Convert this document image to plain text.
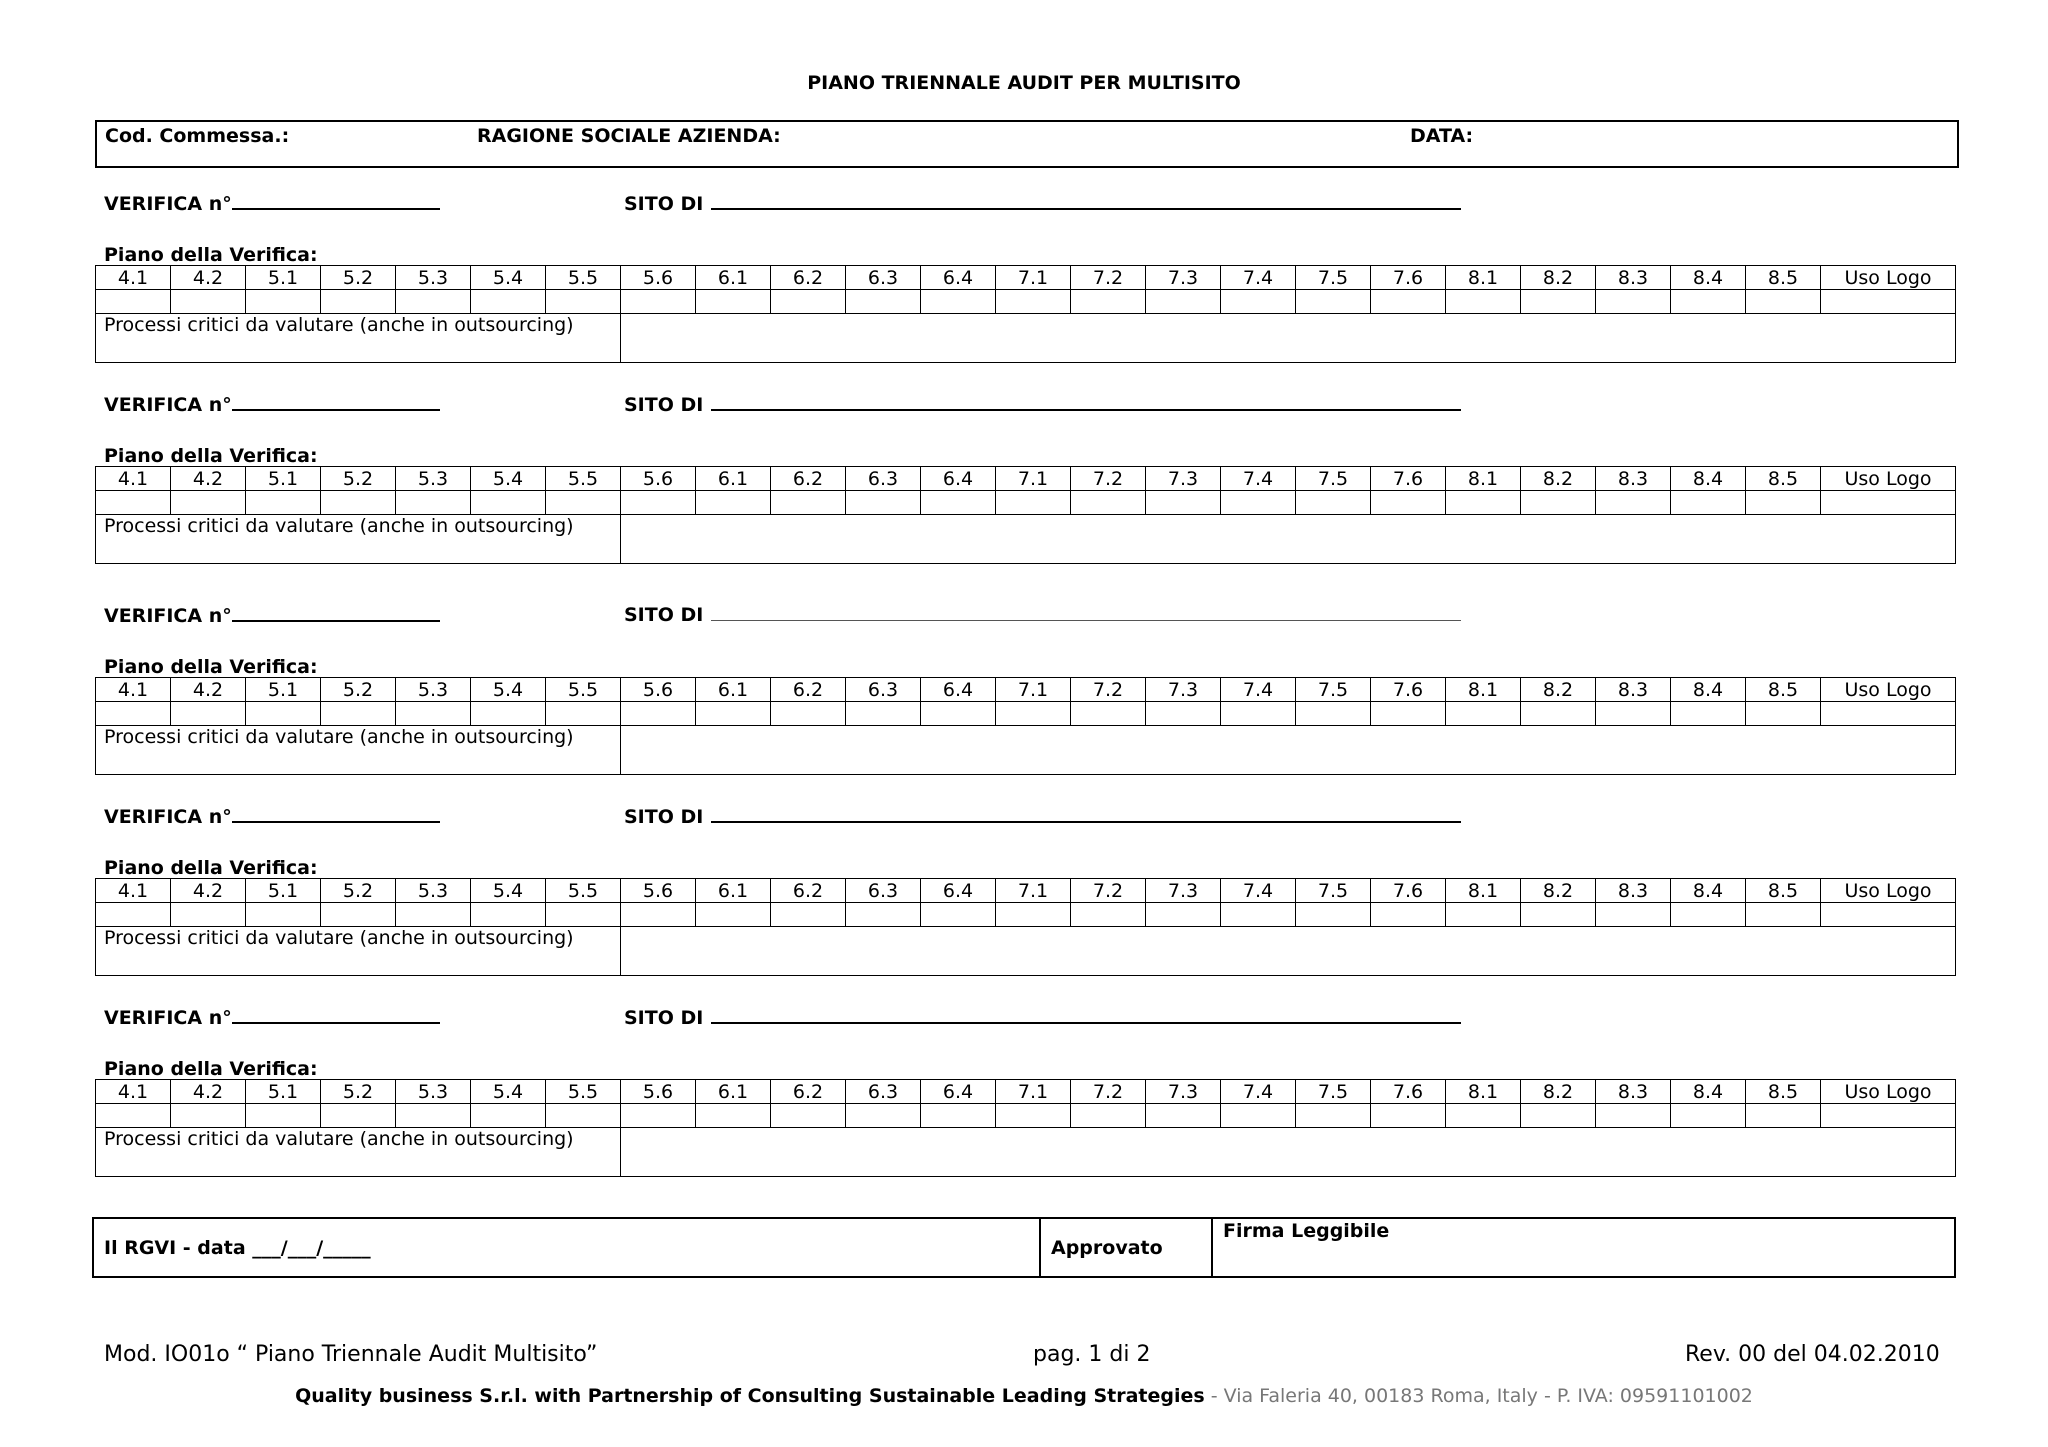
PIANO TRIENNALE AUDIT PER MULTISITO
Cod. Commessa.:	RAGIONE SOCIALE AZIENDA:	DATA:
VERIFICA n°	SITO DI
Piano della Verifica:
4.1	4.2	5.1	5.2	5.3	5.4	5.5	5.6	6.1	6.2	6.3	6.4	7.1	7.2	7.3	7.4	7.5	7.6	8.1	8.2	8.3	8.4	8.5	Uso Logo

Processi critici da valutare (anche in outsourcing)																							
VERIFICA n°	SITO DI
Piano della Verifica:
4.1	4.2	5.1	5.2	5.3	5.4	5.5	5.6	6.1	6.2	6.3	6.4	7.1	7.2	7.3	7.4	7.5	7.6	8.1	8.2	8.3	8.4	8.5	Uso Logo

Processi critici da valutare (anche in outsourcing)																							
VERIFICA n°	SITO DI
Piano della Verifica:
4.1	4.2	5.1	5.2	5.3	5.4	5.5	5.6	6.1	6.2	6.3	6.4	7.1	7.2	7.3	7.4	7.5	7.6	8.1	8.2	8.3	8.4	8.5	Uso Logo

Processi critici da valutare (anche in outsourcing)																							
VERIFICA n°	SITO DI
Piano della Verifica:
4.1	4.2	5.1	5.2	5.3	5.4	5.5	5.6	6.1	6.2	6.3	6.4	7.1	7.2	7.3	7.4	7.5	7.6	8.1	8.2	8.3	8.4	8.5	Uso Logo

Processi critici da valutare (anche in outsourcing)																							
VERIFICA n°	SITO DI
Piano della Verifica:
4.1	4.2	5.1	5.2	5.3	5.4	5.5	5.6	6.1	6.2	6.3	6.4	7.1	7.2	7.3	7.4	7.5	7.6	8.1	8.2	8.3	8.4	8.5	Uso Logo

Processi critici da valutare (anche in outsourcing)																							
Il RGVI - data ___/___/_____	Approvato
Firma Leggibile
Mod. IO01o “ Piano Triennale Audit Multisito”	pag. 1 di 2	Rev. 00 del 04.02.2010
Quality business S.r.l. with Partnership of Consulting Sustainable Leading Strategies - Via Faleria 40, 00183 Roma, Italy - P. IVA: 09591101002
